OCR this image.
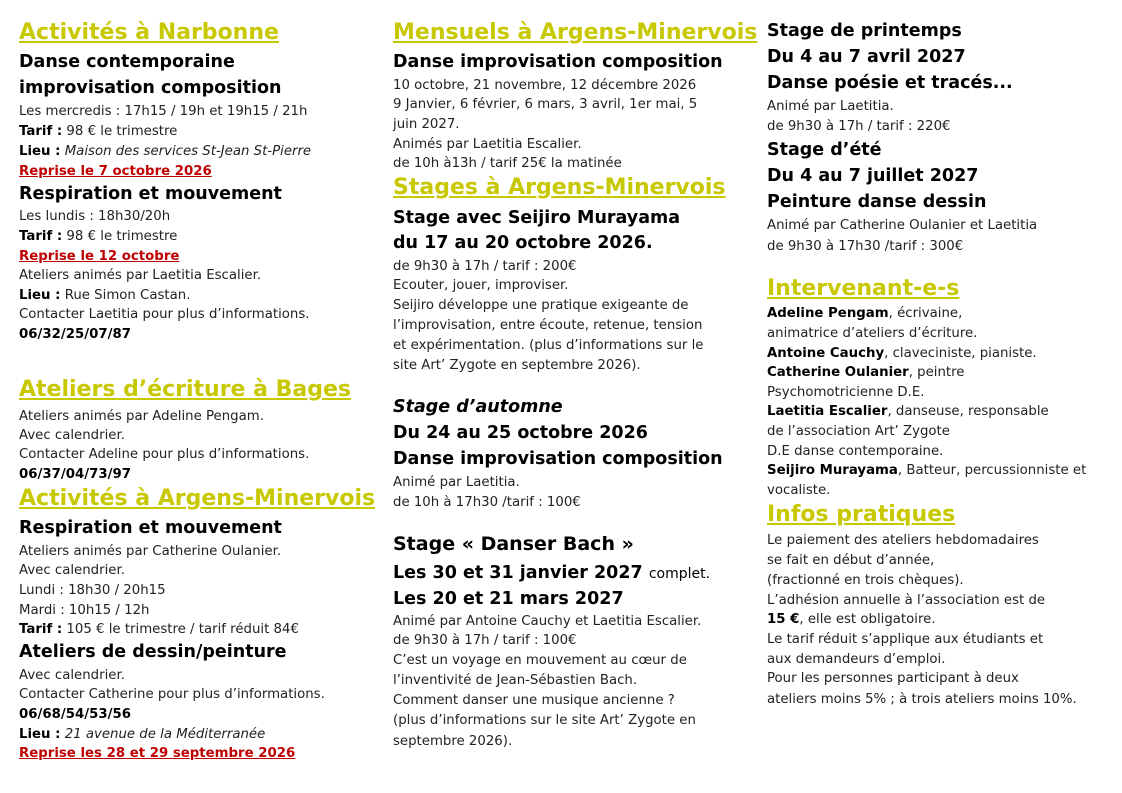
Activités à Narbonne
Danse contemporaine
improvisation composition
Les mercredis : 17h15 / 19h et 19h15 / 21h
Tarif : 98 € le trimestre
Lieu : Maison des services St-Jean St-Pierre
Reprise le 7 octobre 2026
Respiration et mouvement
Les lundis : 18h30/20h
Tarif : 98 € le trimestre
Reprise le 12 octobre
Ateliers animés par Laetitia Escalier.
Lieu : Rue Simon Castan.
Contacter Laetitia pour plus d’informations.
06/32/25/07/87
Ateliers d’écriture à Bages
Ateliers animés par Adeline Pengam.
Avec calendrier.
Contacter Adeline pour plus d’informations.
06/37/04/73/97
Activités à Argens-Minervois
Respiration et mouvement
Ateliers animés par Catherine Oulanier.
Avec calendrier.
Lundi : 18h30 / 20h15
Mardi : 10h15 / 12h
Tarif : 105 € le trimestre / tarif réduit 84€
Ateliers de dessin/peinture
Avec calendrier.
Contacter Catherine pour plus d’informations.
06/68/54/53/56
Lieu : 21 avenue de la Méditerranée
Reprise les 28 et 29 septembre 2026
Mensuels à Argens-Minervois
Danse improvisation composition
10 octobre, 21 novembre, 12 décembre 2026
9 Janvier, 6 février, 6 mars, 3 avril, 1er mai, 5
juin 2027.
Animés par Laetitia Escalier.
de 10h à13h / tarif 25€ la matinée
Stages à Argens-Minervois
Stage avec Seijiro Murayama
du 17 au 20 octobre 2026.
de 9h30 à 17h / tarif : 200€
Ecouter, jouer, improviser.
Seijiro développe une pratique exigeante de
l’improvisation, entre écoute, retenue, tension
et expérimentation. (plus d’informations sur le
site Art’ Zygote en septembre 2026).
Stage d’automne
Du 24 au 25 octobre 2026
Danse improvisation composition
Animé par Laetitia.
de 10h à 17h30 /tarif : 100€
Stage « Danser Bach »
Les 30 et 31 janvier 2027 complet.
Les 20 et 21 mars 2027
Animé par Antoine Cauchy et Laetitia Escalier.
de 9h30 à 17h / tarif : 100€
C’est un voyage en mouvement au cœur de
l’inventivité de Jean-Sébastien Bach.
Comment danser une musique ancienne ?
(plus d’informations sur le site Art’ Zygote en
septembre 2026).
Stage de printemps
Du 4 au 7 avril 2027
Danse poésie et tracés...
Animé par Laetitia.
de 9h30 à 17h / tarif : 220€
Stage d’été
Du 4 au 7 juillet 2027
Peinture danse dessin
Animé par Catherine Oulanier et Laetitia
de 9h30 à 17h30 /tarif : 300€
Intervenant-e-s
Adeline Pengam, écrivaine,
animatrice d’ateliers d’écriture.
Antoine Cauchy, claveciniste, pianiste.
Catherine Oulanier, peintre
Psychomotricienne D.E.
Laetitia Escalier, danseuse, responsable
de l’association Art’ Zygote
D.E danse contemporaine.
Seijiro Murayama, Batteur, percussionniste et
vocaliste.
Infos pratiques
Le paiement des ateliers hebdomadaires
se fait en début d’année,
(fractionné en trois chèques).
L’adhésion annuelle à l’association est de
15 €, elle est obligatoire.
Le tarif réduit s’applique aux étudiants et
aux demandeurs d’emploi.
Pour les personnes participant à deux
ateliers moins 5% ; à trois ateliers moins 10%.
